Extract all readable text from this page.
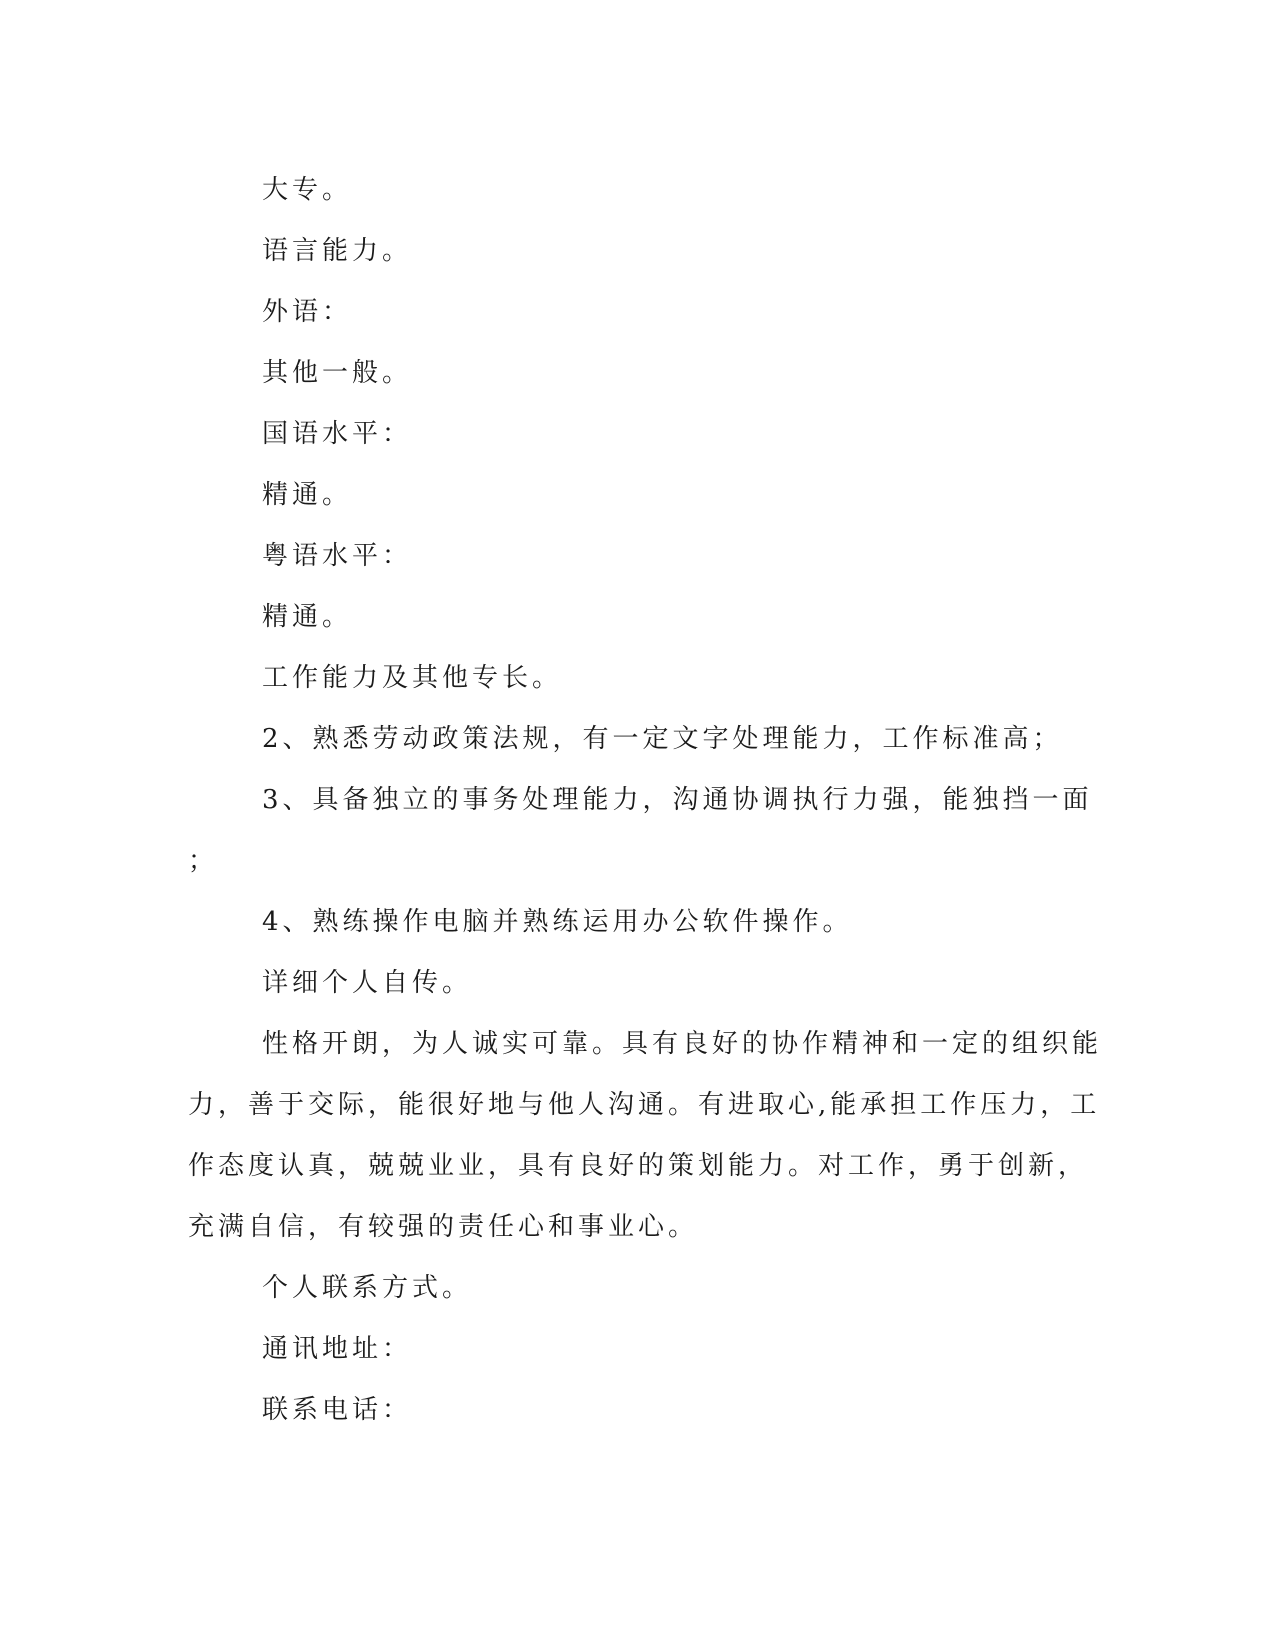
大专。
语言能力。
外语：
其他一般。
国语水平：
精通。
粤语水平：
精通。
工作能力及其他专长。
2、熟悉劳动政策法规，有一定文字处理能力，工作标准高；
3、具备独立的事务处理能力，沟通协调执行力强，能独挡一面
；
4、熟练操作电脑并熟练运用办公软件操作。
详细个人自传。
性格开朗，为人诚实可靠。具有良好的协作精神和一定的组织能
力，善于交际，能很好地与他人沟通。有进取心,能承担工作压力，工
作态度认真，兢兢业业，具有良好的策划能力。对工作，勇于创新，
充满自信，有较强的责任心和事业心。
个人联系方式。
通讯地址：
联系电话：
